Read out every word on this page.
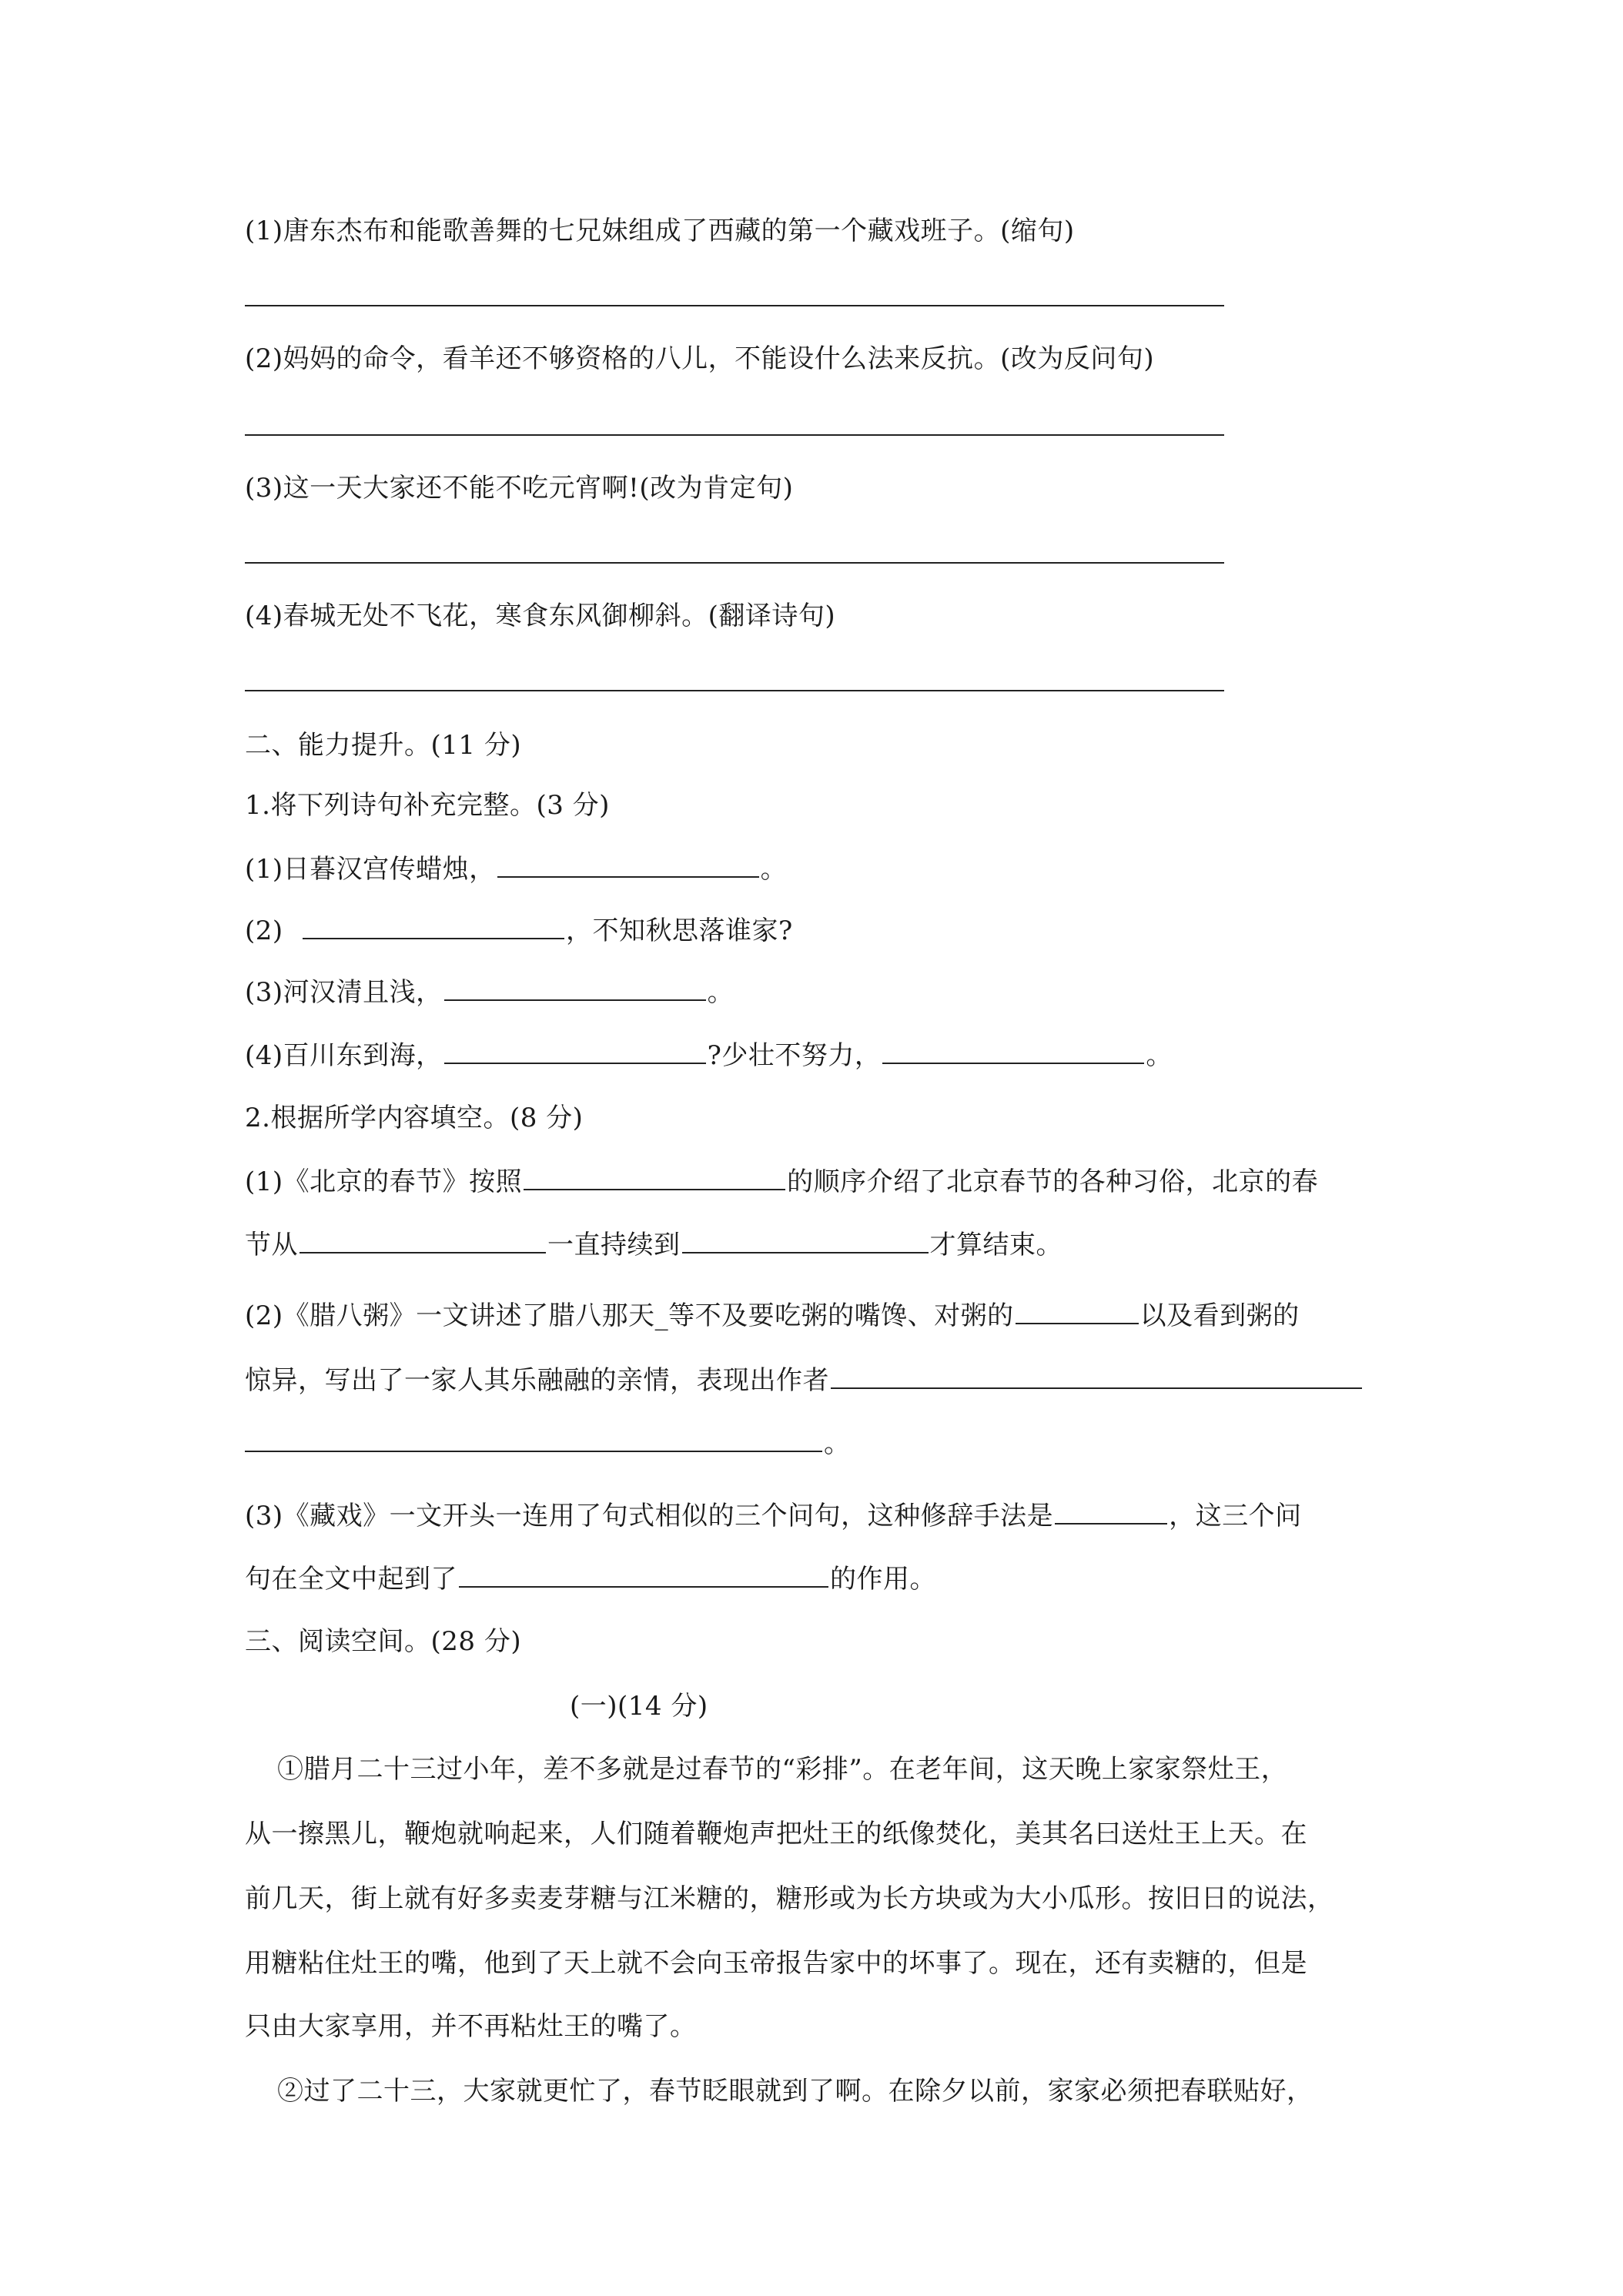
(1)唐东杰布和能歌善舞的七兄妹组成了西藏的第一个藏戏班子。(缩句)
(2)妈妈的命令，看羊还不够资格的八儿，不能设什么法来反抗。(改为反问句)
(3)这一天大家还不能不吃元宵啊!(改为肯定句)
(4)春城无处不飞花，寒食东风御柳斜。(翻译诗句)
二、能力提升。(11 分)
1.将下列诗句补充完整。(3 分)
(1)日暮汉宫传蜡烛，	。
(2)	，不知秋思落谁家?
(3)河汉清且浅，	。
(4)百川东到海，	?少壮不努力，	。
2.根据所学内容填空。(8 分)
(1)《北京的春节》按照	的顺序介绍了北京春节的各种习俗，北京的春
节从	一直持续到	才算结束。
(2)《腊八粥》一文讲述了腊八那天_等不及要吃粥的嘴馋、对粥的	以及看到粥的
惊异，写出了一家人其乐融融的亲情，表现出作者
。
(3)《藏戏》一文开头一连用了句式相似的三个问句，这种修辞手法是	，这三个问
句在全文中起到了	的作用。
三、阅读空间。(28 分)
(一)(14 分)
①腊月二十三过小年，差不多就是过春节的“彩排”。在老年间，这天晚上家家祭灶王，
从一擦黑儿，鞭炮就响起来，人们随着鞭炮声把灶王的纸像焚化，美其名曰送灶王上天。在
前几天，街上就有好多卖麦芽糖与江米糖的，糖形或为长方块或为大小瓜形。按旧日的说法，
用糖粘住灶王的嘴，他到了天上就不会向玉帝报告家中的坏事了。现在，还有卖糖的，但是
只由大家享用，并不再粘灶王的嘴了。
②过了二十三，大家就更忙了，春节眨眼就到了啊。在除夕以前，家家必须把春联贴好，
